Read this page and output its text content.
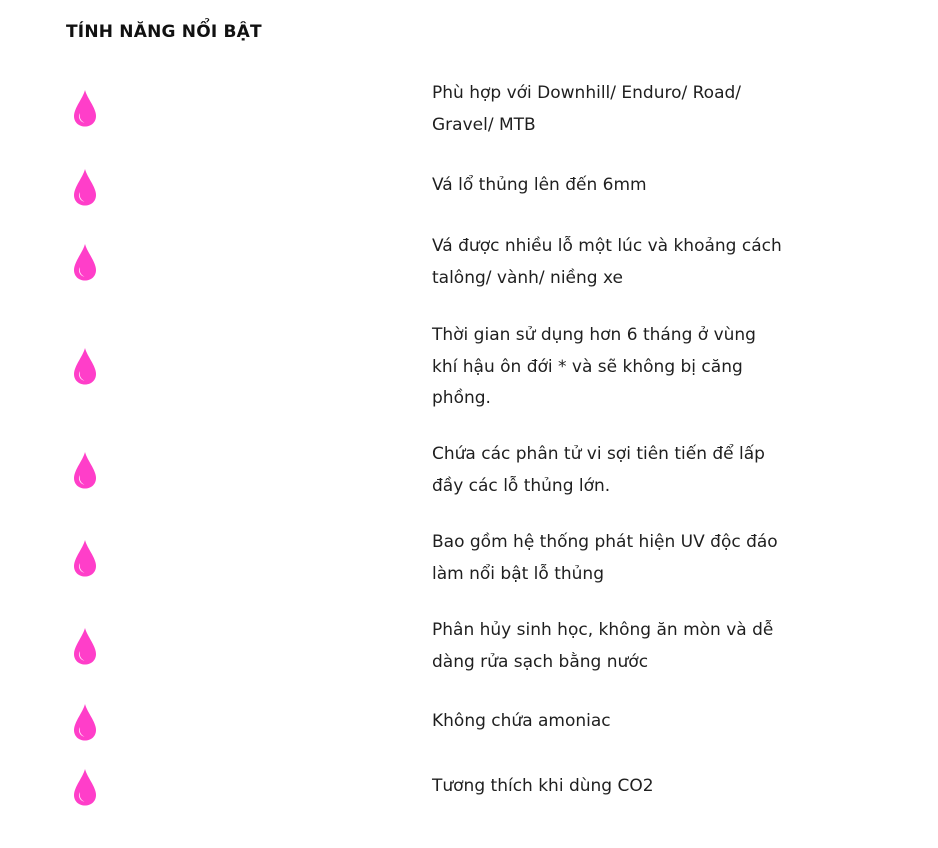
TÍNH NĂNG NỔI BẬT

Phù hợp với Downhill/ Enduro/ Road/ Gravel/ MTB

Vá lổ thủng lên đến 6mm

Vá được nhiều lỗ một lúc và khoảng cách talông/ vành/ niềng xe

Thời gian sử dụng hơn 6 tháng ở vùng khí hậu ôn đới * và sẽ không bị căng phồng.

Chứa các phân tử vi sợi tiên tiến để lấp đầy các lỗ thủng lớn.

Bao gồm hệ thống phát hiện UV độc đáo làm nổi bật lỗ thủng

Phân hủy sinh học, không ăn mòn và dễ dàng rửa sạch bằng nước

Không chứa amoniac

Tương thích khi dùng CO2
